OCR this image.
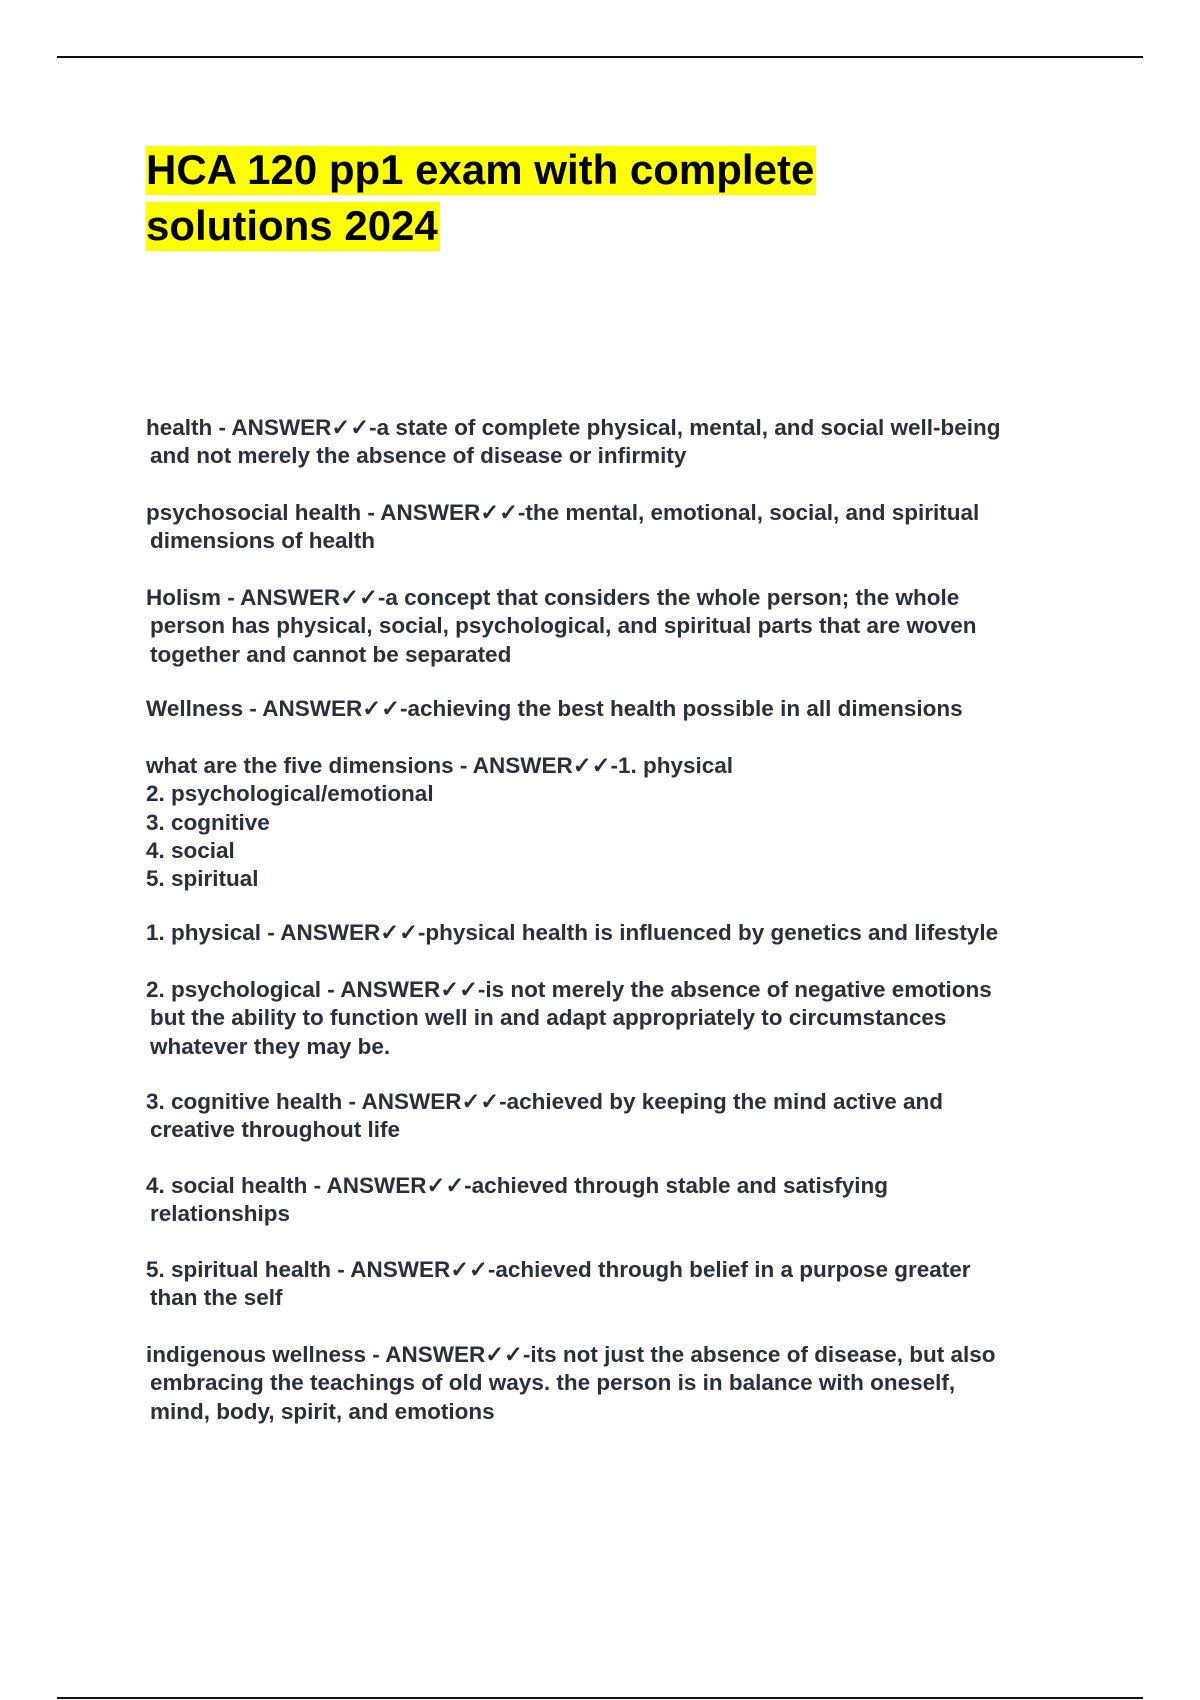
HCA 120 pp1 exam with complete
solutions 2024
health - ANSWER✓✓-a state of complete physical, mental, and social well-being
and not merely the absence of disease or infirmity
psychosocial health - ANSWER✓✓-the mental, emotional, social, and spiritual
dimensions of health
Holism - ANSWER✓✓-a concept that considers the whole person; the whole
person has physical, social, psychological, and spiritual parts that are woven
together and cannot be separated
Wellness - ANSWER✓✓-achieving the best health possible in all dimensions
what are the five dimensions - ANSWER✓✓-1. physical
2. psychological/emotional
3. cognitive
4. social
5. spiritual
1. physical - ANSWER✓✓-physical health is influenced by genetics and lifestyle
2. psychological - ANSWER✓✓-is not merely the absence of negative emotions
but the ability to function well in and adapt appropriately to circumstances
whatever they may be.
3. cognitive health - ANSWER✓✓-achieved by keeping the mind active and
creative throughout life
4. social health - ANSWER✓✓-achieved through stable and satisfying
relationships
5. spiritual health - ANSWER✓✓-achieved through belief in a purpose greater
than the self
indigenous wellness - ANSWER✓✓-its not just the absence of disease, but also
embracing the teachings of old ways. the person is in balance with oneself,
mind, body, spirit, and emotions
